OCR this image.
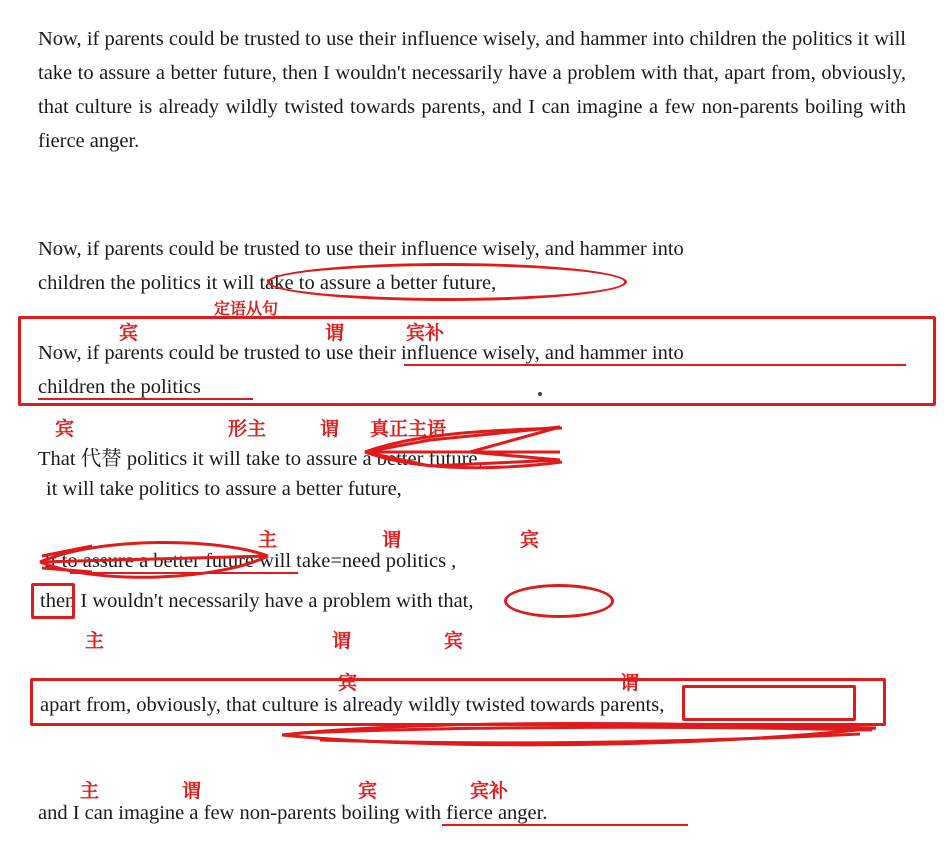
Now, if parents could be trusted to use their influence wisely, and hammer into children the politics it will take to assure a better future, then I wouldn't necessarily have a problem with that, apart from, obviously, that culture is already wildly twisted towards parents, and I can imagine a few non-parents boiling with fierce anger.
Now, if parents could be trusted to use their influence wisely, and hammer into
children the politics it will take to assure a better future,
定语从句
宾	谓	宾补
Now, if parents could be trusted to use their influence wisely, and hammer into
children the politics
宾	形主	谓 真正主语
That 代替 politics it will take to assure a better future,
it will take politics to assure a better future,
主	谓	宾
It to assure a better future will take=need politics ,
then I wouldn't necessarily have a problem with that,
主	谓	宾
宾	谓
apart from, obviously, that culture is already wildly twisted towards parents,
主	谓	宾	宾补
and I can imagine a few non-parents boiling with fierce anger.
